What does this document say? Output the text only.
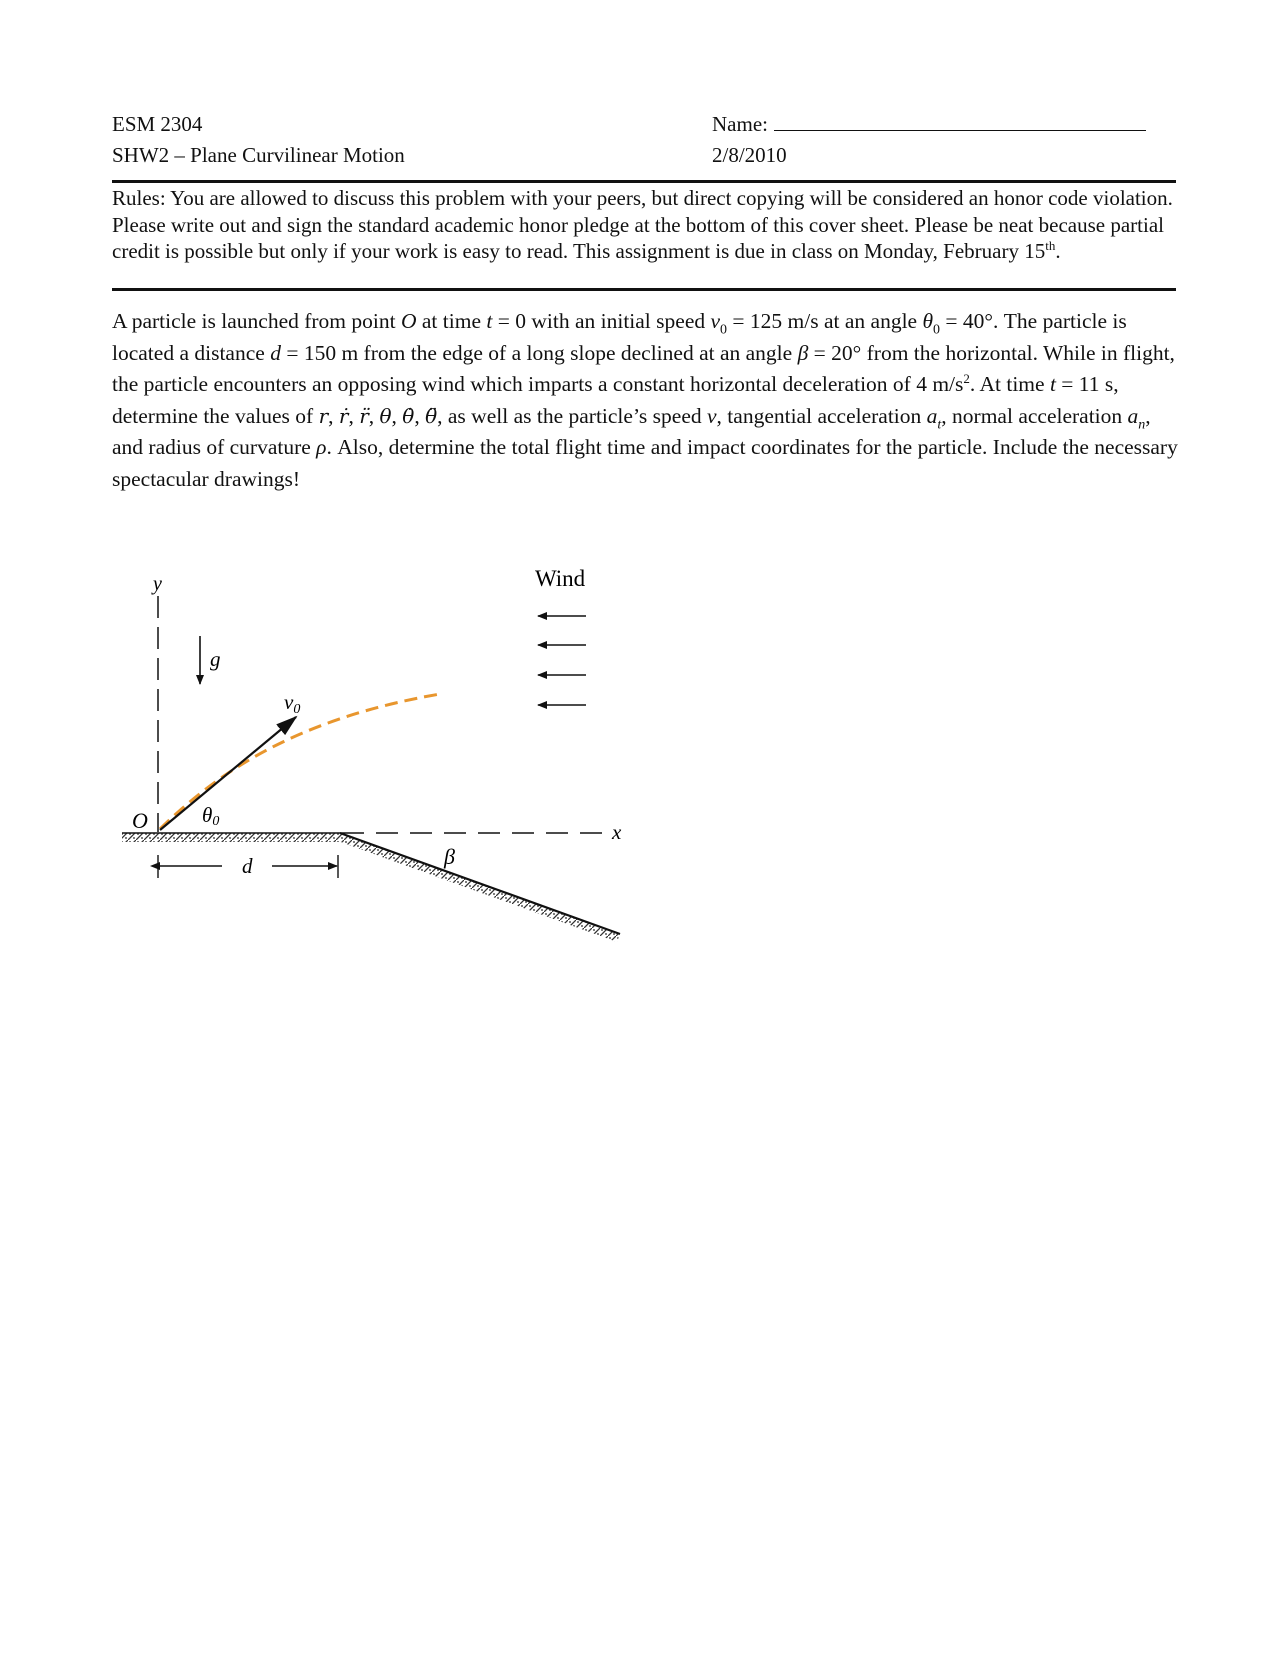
ESM 2304
SHW2 – Plane Curvilinear Motion
Name:
2/8/2010
Rules: You are allowed to discuss this problem with your peers, but direct copying will be considered an honor code violation. Please write out and sign the standard academic honor pledge at the bottom of this cover sheet. Please be neat because partial credit is possible but only if your work is easy to read. This assignment is due in class on Monday, February 15th.

A particle is launched from point O at time t = 0 with an initial speed $v_0 = 125$ m/s at an angle $\theta_0 = 40^\circ$. The particle is located a distance d = 150 m from the edge of a long slope declined at an angle β = 20° from the horizontal. While in flight, the particle encounters an opposing wind which imparts a constant horizontal deceleration of 4 $m/s^2$. At time t = 11 s, determine the values of r, r, r, θ, θ, θ, as well as the particle’s speed v, tangential acceleration $a_t$, normal acceleration $a_n$, and radius of curvature ρ. Also, determine the total flight time and impact coordinates for the particle. Include the necessary spectacular drawings!

y
g
x
O
v0
θ0
β
d
Wind
